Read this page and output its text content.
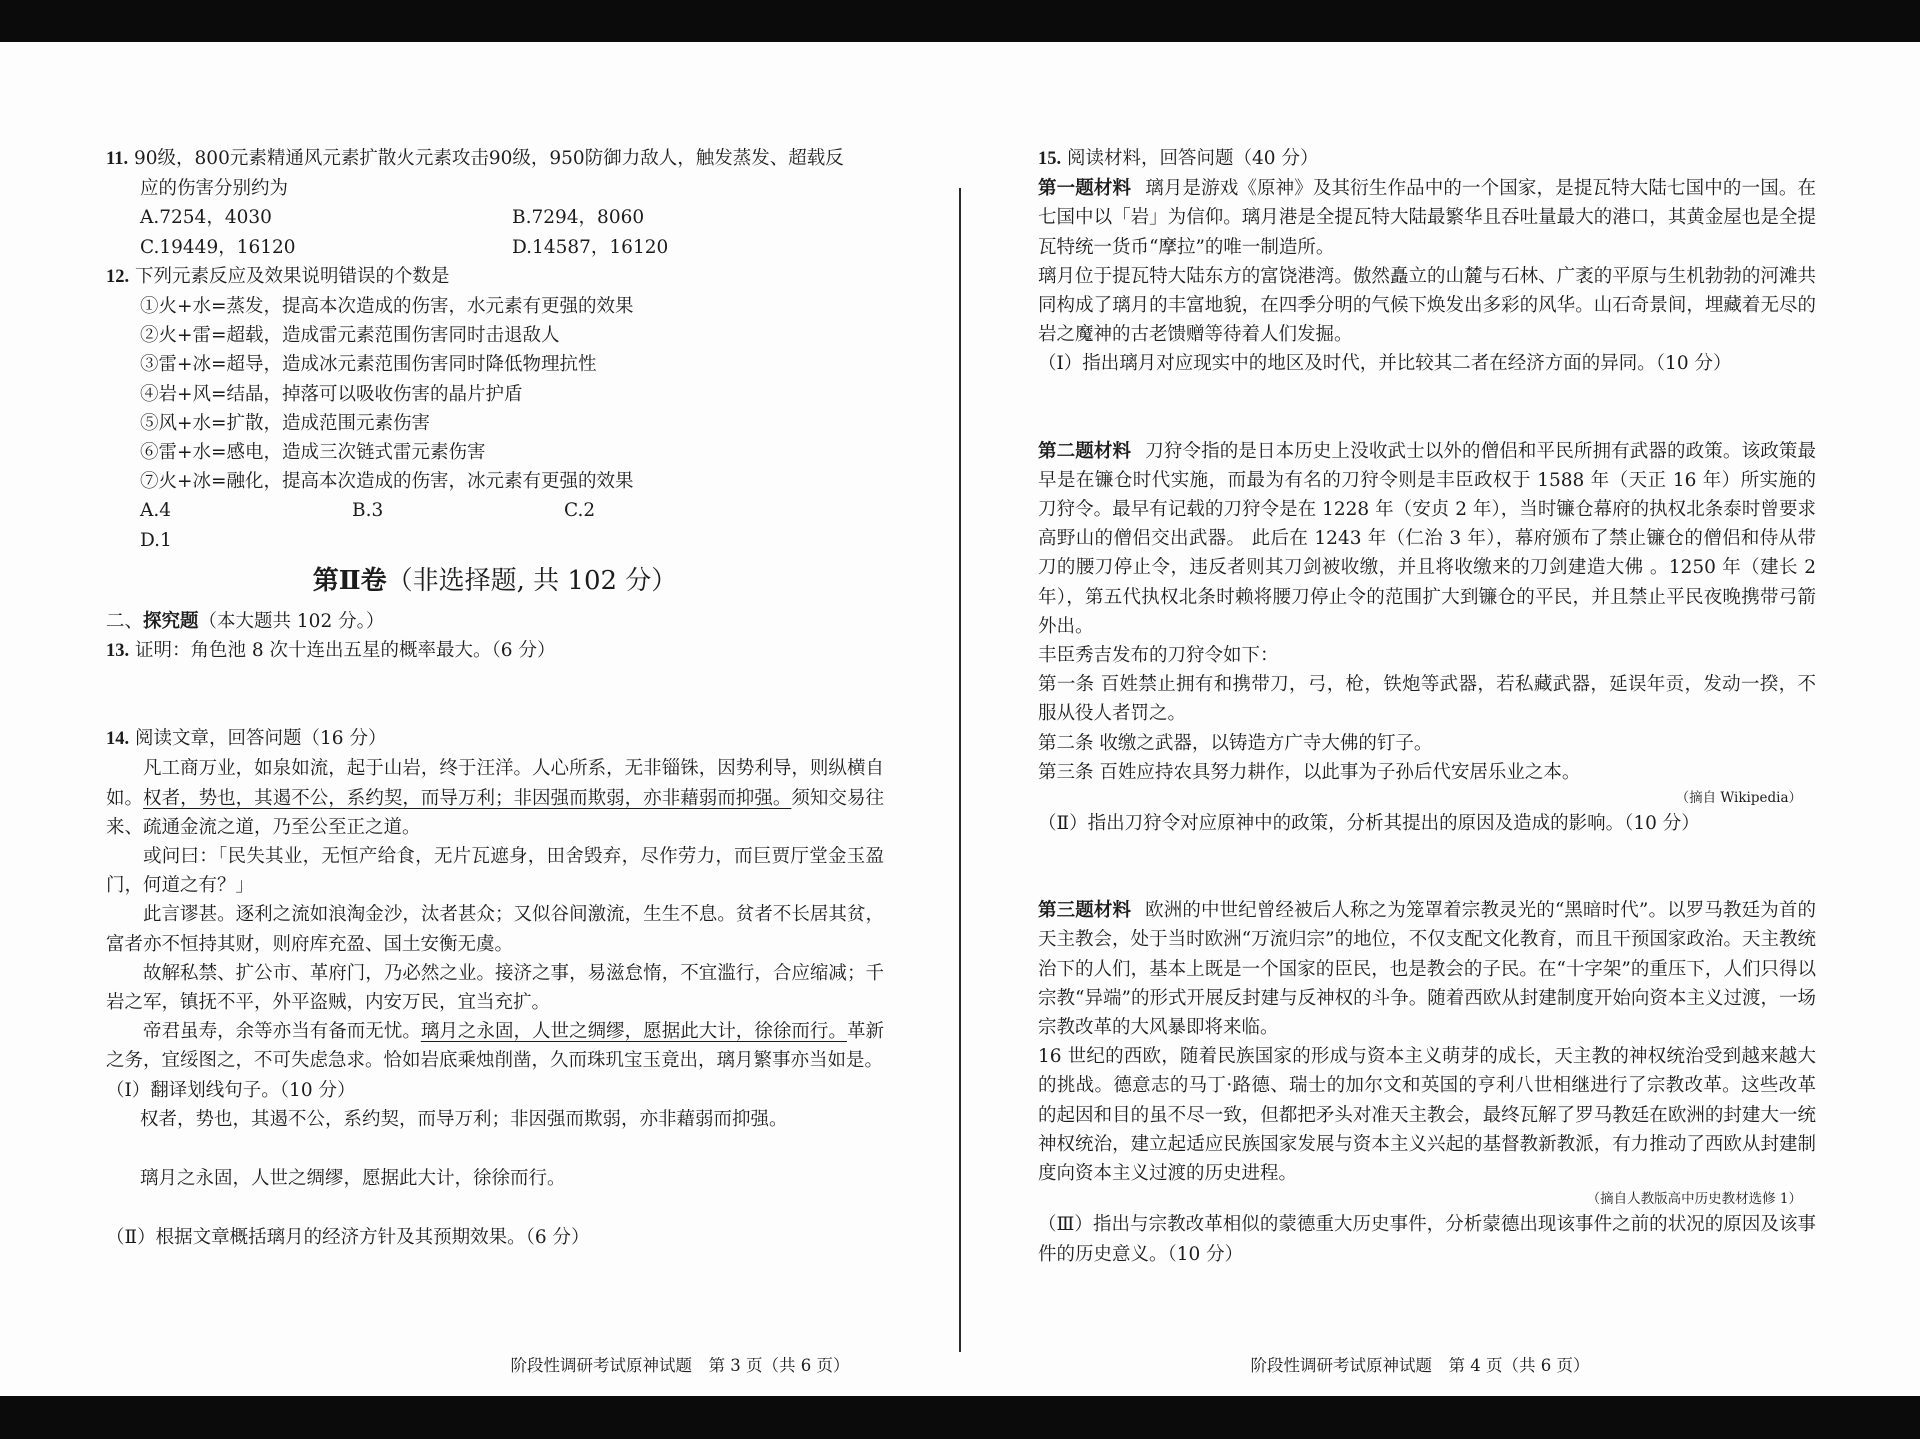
11. 90级，800元素精通风元素扩散火元素攻击90级，950防御力敌人，触发蒸发、超载反
应的伤害分别约为
A.7254，4030	B.7294，8060
C.19449，16120	D.14587，16120
12. 下列元素反应及效果说明错误的个数是
①火+水=蒸发，提高本次造成的伤害，水元素有更强的效果
②火+雷=超载，造成雷元素范围伤害同时击退敌人
③雷+冰=超导，造成冰元素范围伤害同时降低物理抗性
④岩+风=结晶，掉落可以吸收伤害的晶片护盾
⑤风+水=扩散，造成范围元素伤害
⑥雷+水=感电，造成三次链式雷元素伤害
⑦火+冰=融化，提高本次造成的伤害，冰元素有更强的效果
A.4	B.3	C.2
D.1
第Ⅱ卷（非选择题, 共 102 分）
二、探究题（本大题共 102 分。）
13. 证明：角色池 8 次十连出五星的概率最大。（6 分）
14. 阅读文章，回答问题（16 分）
凡工商万业，如泉如流，起于山岩，终于汪洋。人心所系，无非锱铢，因势利导，则纵横自如。权者，势也，其遏不公，系约契，而导万利；非因强而欺弱，亦非藉弱而抑强。须知交易往来、疏通金流之道，乃至公至正之道。
或问曰：「民失其业，无恒产给食，无片瓦遮身，田舍毁弃，尽作劳力，而巨贾厅堂金玉盈门，何道之有？」
此言谬甚。逐利之流如浪淘金沙，汰者甚众；又似谷间激流，生生不息。贫者不长居其贫，富者亦不恒持其财，则府库充盈、国土安衡无虞。
故解私禁、扩公市、革府门，乃必然之业。接济之事，易滋怠惰，不宜滥行，合应缩减；千岩之军，镇抚不平，外平盗贼，内安万民，宜当充扩。
帝君虽寿，余等亦当有备而无忧。璃月之永固，人世之绸缪，愿据此大计，徐徐而行。革新之务，宜绥图之，不可失虑急求。恰如岩底乘烛削凿，久而珠玑宝玉竟出，璃月繁事亦当如是。
（Ⅰ）翻译划线句子。（10 分）
权者，势也，其遏不公，系约契，而导万利；非因强而欺弱，亦非藉弱而抑强。
璃月之永固，人世之绸缪，愿据此大计，徐徐而行。
（Ⅱ）根据文章概括璃月的经济方针及其预期效果。（6 分）
15. 阅读材料，回答问题（40 分）
第一题材料 璃月是游戏《原神》及其衍生作品中的一个国家，是提瓦特大陆七国中的一国。在七国中以「岩」为信仰。璃月港是全提瓦特大陆最繁华且吞吐量最大的港口，其黄金屋也是全提瓦特统一货币“摩拉”的唯一制造所。
璃月位于提瓦特大陆东方的富饶港湾。傲然矗立的山麓与石林、广袤的平原与生机勃勃的河滩共同构成了璃月的丰富地貌，在四季分明的气候下焕发出多彩的风华。山石奇景间，埋藏着无尽的岩之魔神的古老馈赠等待着人们发掘。
（Ⅰ）指出璃月对应现实中的地区及时代，并比较其二者在经济方面的异同。（10 分）
第二题材料 刀狩令指的是日本历史上没收武士以外的僧侣和平民所拥有武器的政策。该政策最早是在镰仓时代实施，而最为有名的刀狩令则是丰臣政权于 1588 年（天正 16 年）所实施的刀狩令。最早有记载的刀狩令是在 1228 年（安贞 2 年），当时镰仓幕府的执权北条泰时曾要求高野山的僧侣交出武器。 此后在 1243 年（仁治 3 年），幕府颁布了禁止镰仓的僧侣和侍从带刀的腰刀停止令，违反者则其刀剑被收缴，并且将收缴来的刀剑建造大佛 。1250 年（建长 2 年），第五代执权北条时赖将腰刀停止令的范围扩大到镰仓的平民，并且禁止平民夜晚携带弓箭外出。
丰臣秀吉发布的刀狩令如下：
第一条 百姓禁止拥有和携带刀，弓，枪，铁炮等武器，若私藏武器，延误年贡，发动一揆，不服从役人者罚之。
第二条 收缴之武器，以铸造方广寺大佛的钉子。
第三条 百姓应持农具努力耕作，以此事为子孙后代安居乐业之本。
（摘自 Wikipedia）
（Ⅱ）指出刀狩令对应原神中的政策，分析其提出的原因及造成的影响。（10 分）
第三题材料 欧洲的中世纪曾经被后人称之为笼罩着宗教灵光的“黑暗时代”。以罗马教廷为首的天主教会，处于当时欧洲“万流归宗”的地位，不仅支配文化教育，而且干预国家政治。天主教统治下的人们，基本上既是一个国家的臣民，也是教会的子民。在“十字架”的重压下，人们只得以宗教“异端”的形式开展反封建与反神权的斗争。随着西欧从封建制度开始向资本主义过渡，一场宗教改革的大风暴即将来临。
16 世纪的西欧，随着民族国家的形成与资本主义萌芽的成长，天主教的神权统治受到越来越大的挑战。德意志的马丁·路德、瑞士的加尔文和英国的亨利八世相继进行了宗教改革。这些改革的起因和目的虽不尽一致，但都把矛头对准天主教会，最终瓦解了罗马教廷在欧洲的封建大一统神权统治，建立起适应民族国家发展与资本主义兴起的基督教新教派，有力推动了西欧从封建制度向资本主义过渡的历史进程。
（摘自人教版高中历史教材选修 1）
（Ⅲ）指出与宗教改革相似的蒙德重大历史事件，分析蒙德出现该事件之前的状况的原因及该事件的历史意义。（10 分）
阶段性调研考试原神试题　第 3 页（共 6 页）	阶段性调研考试原神试题　第 4 页（共 6 页）
